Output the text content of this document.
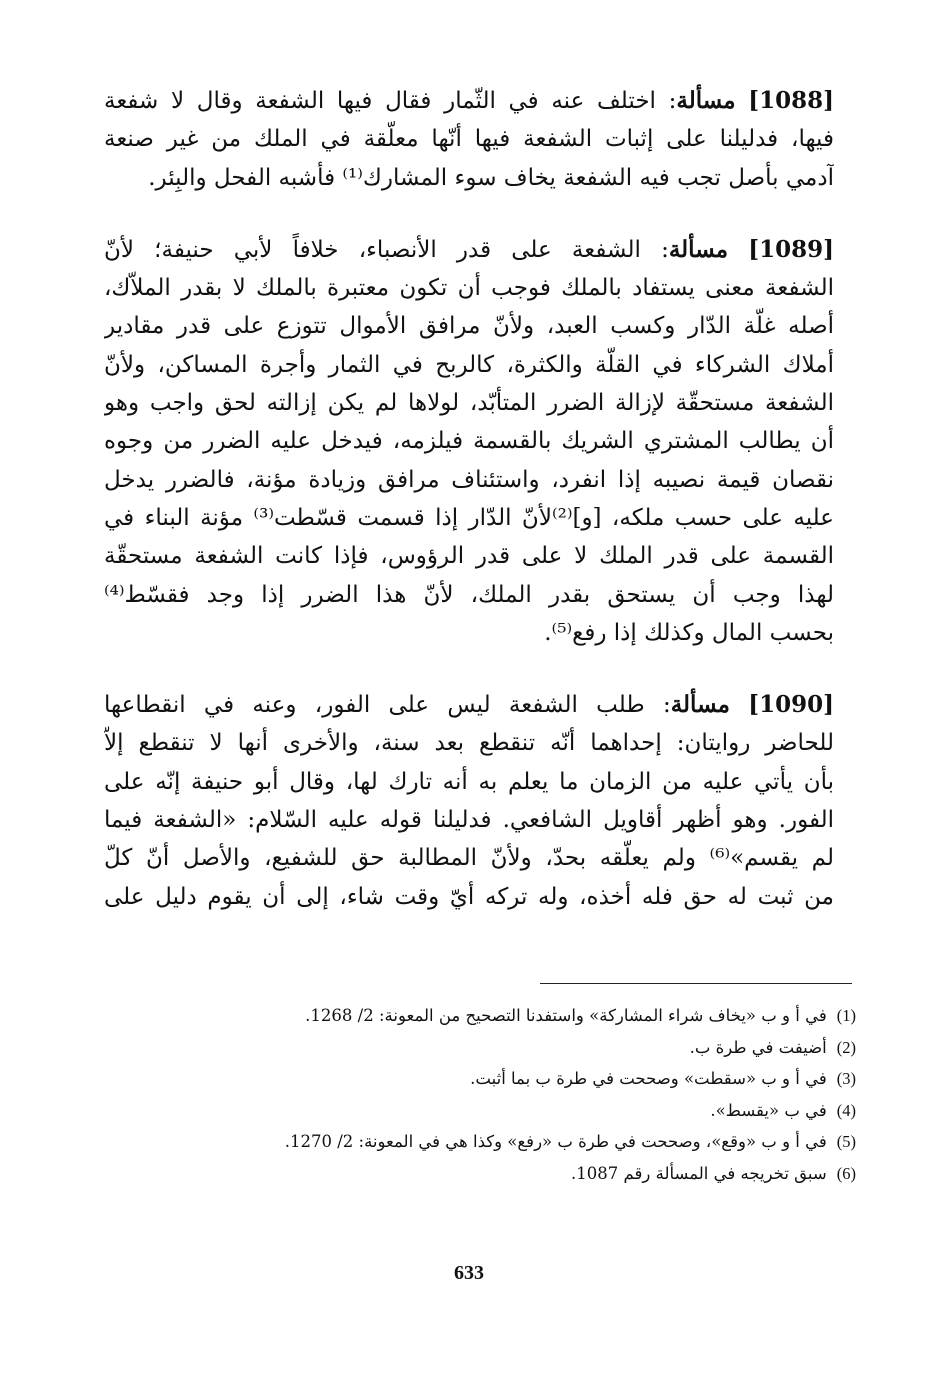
[1088] مسألة: اختلف عنه في الثّمار فقال فيها الشفعة وقال لا شفعة
فيها، فدليلنا على إثبات الشفعة فيها أنّها معلّقة في الملك من غير صنعة
آدمي بأصل تجب فيه الشفعة يخاف سوء المشارك⁽¹⁾ فأشبه الفحل والبِئر.
[1089] مسألة: الشفعة على قدر الأنصباء، خلافاً لأبي حنيفة؛ لأنّ
الشفعة معنى يستفاد بالملك فوجب أن تكون معتبرة بالملك لا بقدر الملاّك،
أصله غلّة الدّار وكسب العبد، ولأنّ مرافق الأموال تتوزع على قدر مقادير
أملاك الشركاء في القلّة والكثرة، كالربح في الثمار وأجرة المساكن، ولأنّ
الشفعة مستحقّة لإزالة الضرر المتأبّد، لولاها لم يكن إزالته لحق واجب وهو
أن يطالب المشتري الشريك بالقسمة فيلزمه، فيدخل عليه الضرر من وجوه
نقصان قيمة نصيبه إذا انفرد، واستئناف مرافق وزيادة مؤنة، فالضرر يدخل
عليه على حسب ملكه، [و]⁽²⁾لأنّ الدّار إذا قسمت قسّطت⁽³⁾ مؤنة البناء في
القسمة على قدر الملك لا على قدر الرؤوس، فإذا كانت الشفعة مستحقّة
لهذا وجب أن يستحق بقدر الملك، لأنّ هذا الضرر إذا وجد فقسّط⁽⁴⁾
بحسب المال وكذلك إذا رفع⁽⁵⁾.
[1090] مسألة: طلب الشفعة ليس على الفور، وعنه في انقطاعها
للحاضر روايتان: إحداهما أنّه تنقطع بعد سنة، والأخرى أنها لا تنقطع إلاّ
بأن يأتي عليه من الزمان ما يعلم به أنه تارك لها، وقال أبو حنيفة إنّه على
الفور. وهو أظهر أقاويل الشافعي. فدليلنا قوله عليه السّلام: «الشفعة فيما
لم يقسم»⁽⁶⁾ ولم يعلّقه بحدّ، ولأنّ المطالبة حق للشفيع، والأصل أنّ كلّ
من ثبت له حق فله أخذه، وله تركه أيّ وقت شاء، إلى أن يقوم دليل على
(1)في أ و ب «يخاف شراء المشاركة» واستفدنا التصحيح من المعونة: 2/ 1268.
(2)أضيفت في طرة ب.
(3)في أ و ب «سقطت» وصححت في طرة ب بما أثبت.
(4)في ب «يقسط».
(5)في أ و ب «وقع»، وصححت في طرة ب «رفع» وكذا هي في المعونة: 2/ 1270.
(6)سبق تخريجه في المسألة رقم 1087.
633
